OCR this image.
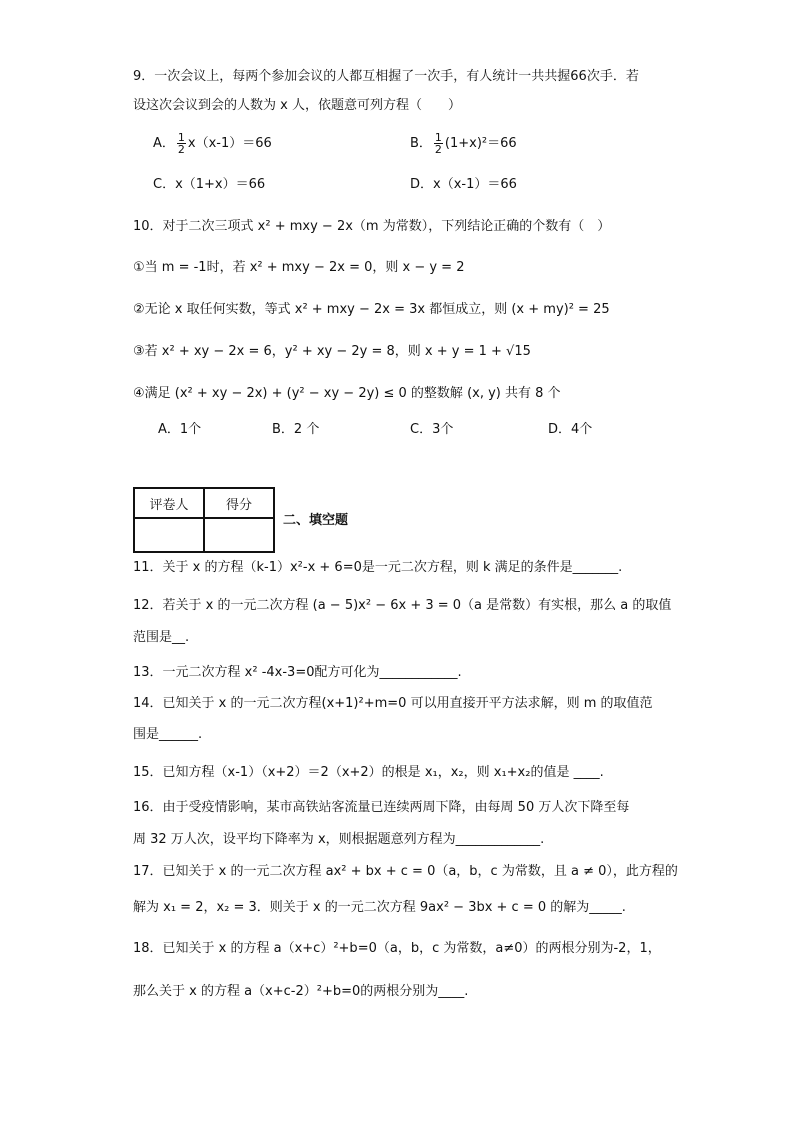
9．一次会议上，每两个参加会议的人都互相握了一次手，有人统计一共共握66次手．若
设这次会议到会的人数为 x 人，依题意可列方程（　　）
A． $\frac{1}{2} x(x-1)=66$	B． $\frac{1}{2} (1+x)^2=66$
C．x（1+x）＝66	D．x（x-1）＝66
10．对于二次三项式 x² + mxy − 2x（m 为常数），下列结论正确的个数有（　）
①当 m = -1时，若 x² + mxy − 2x = 0，则 x − y = 2
②无论 x 取任何实数，等式 x² + mxy − 2x = 3x 都恒成立，则 (x + my)² = 25
③若 x² + xy − 2x = 6，y² + xy − 2y = 8，则 x + y = 1 + √15
④满足 (x² + xy − 2x) + (y² − xy − 2y) ≤ 0 的整数解 (x, y) 共有 8 个
A．1个	B．2 个	C．3个	D．4个
评卷人	得分

二、填空题
11．关于 x 的方程（k-1）x²-x + 6=0是一元二次方程，则 k 满足的条件是_______.
12．若关于 x 的一元二次方程 (a − 5)x² − 6x + 3 = 0（a 是常数）有实根，那么 a 的取值
范围是__.
13．一元二次方程 x² -4x-3=0配方可化为____________.
14．已知关于 x 的一元二次方程(x+1)²+m=0 可以用直接开平方法求解，则 m 的取值范
围是______.
15．已知方程（x-1）（x+2）＝2（x+2）的根是 x₁，x₂，则 x₁+x₂的值是 ____.
16．由于受疫情影响，某市高铁站客流量已连续两周下降，由每周 50 万人次下降至每
周 32 万人次，设平均下降率为 x，则根据题意列方程为_____________.
17．已知关于 x 的一元二次方程 ax² + bx + c = 0（a，b，c 为常数，且 a ≠ 0），此方程的
解为 x₁ = 2，x₂ = 3．则关于 x 的一元二次方程 9ax² − 3bx + c = 0 的解为_____.
18．已知关于 x 的方程 a（x+c）²+b=0（a，b，c 为常数，a≠0）的两根分别为-2，1，
那么关于 x 的方程 a（x+c-2）²+b=0的两根分别为____.
